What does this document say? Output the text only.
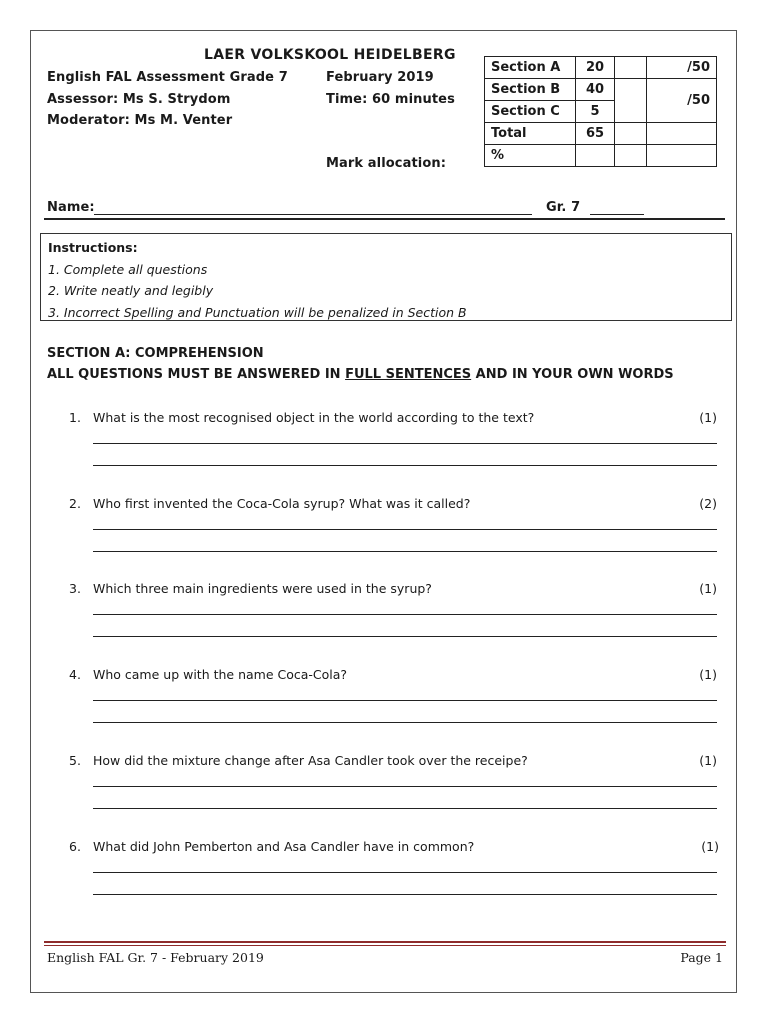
LAER VOLKSKOOL HEIDELBERG
English FAL Assessment Grade 7	February 2019
Assessor: Ms S. Strydom	Time: 60 minutes
Moderator: Ms M. Venter
Mark allocation:
Section A	20		/50
Section B	40		/50
Section C	5		
Total	65		
%			
Name:	Gr. 7
Instructions:
1. Complete all questions
2. Write neatly and legibly
3. Incorrect Spelling and Punctuation will be penalized in Section B
SECTION A: COMPREHENSION
ALL QUESTIONS MUST BE ANSWERED IN FULL SENTENCES AND IN YOUR OWN WORDS
1. What is the most recognised object in the world according to the text?	(1)
2. Who first invented the Coca-Cola syrup? What was it called?	(2)
3. Which three main ingredients were used in the syrup?	(1)
4. Who came up with the name Coca-Cola?	(1)
5. How did the mixture change after Asa Candler took over the receipe?	(1)
6. What did John Pemberton and Asa Candler have in common?	(1)
English FAL Gr. 7 - February 2019	Page 1
